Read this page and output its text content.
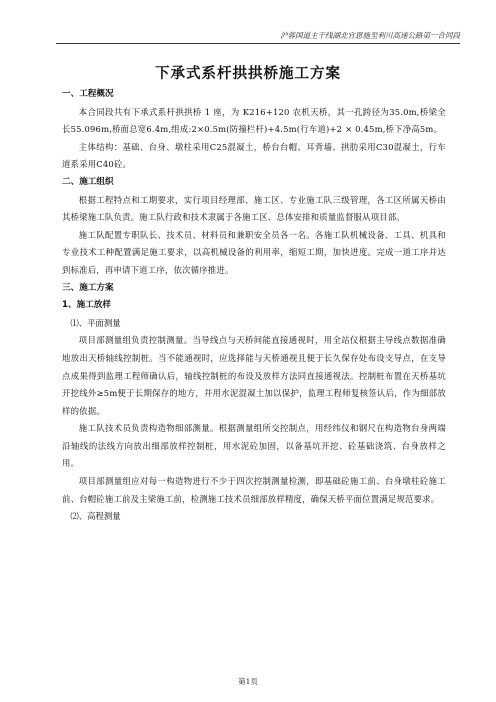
沪蓉国道主干线湖北宜恩施至利川高速公路第一合同段
下承式系杆拱拱桥施工方案
一、工程概况

本合同段共有下承式系杆拱拱桥 1 座，为 K216+120 农机天桥，其一孔跨径为35.0m,桥梁全长55.096m,桥面总宽6.4m,组成:2×0.5m(防撞栏杆)+4.5m(行车道)+2 × 0.45m,桥下净高5m。

主体结构：基础、台身、墩柱采用C25混凝土，桥台台帽、耳背墙、拱肋采用C30混凝土，行车道系采用C40砼。

二、施工组织

根据工程特点和工期要求，实行项目经理部、施工区、专业施工队三级管理，各工区所属天桥由其桥梁施工队负责。施工队行政和技术隶属于各施工区、总体安排和质量监督服从项目部。

施工队配置专职队长、技术员、材料员和兼职安全员各一名。各施工队机械设备、工具、机具和专业技术工种配置满足施工要求，以高机械设备的利用率，缩短工期，加快进度。完成一道工序并达到标准后，再申请下道工序，依次循序推进。

三、施工方案
1、施工放样

⑴、平面测量

项目部测量组负责控制测量。当导线点与天桥间能直接通视时，用全站仪根据主导线点数据准确地放出天桥轴线控制桩。当不能通视时，应选择能与天桥通视且便于长久保存处布设支导点，在支导点成果得到监理工程师确认后，轴线控制桩的布设及放样方法同直接通视法。控制桩布置在天桥基坑开挖线外≥5m便于长期保存的地方，并用水泥混凝土加以保护，监理工程师复核签认后，作为细部放样的依据。

施工队技术员负责构造物细部测量。根据测量组所交控制点，用经纬仪和钢尺在构造物台身两端沿轴线的法线方向放出细部放样控制桩，用水泥砼加固，以备基坑开挖、砼基础浇筑、台身放样之用。

项目部测量组应对每一构造物进行不少于四次控制测量检测，即基础砼施工前、台身墩柱砼施工前、台帽砼施工前及主梁施工前，检测施工技术员细部放样精度，确保天桥平面位置满足规范要求。

⑵、高程测量

第1页
